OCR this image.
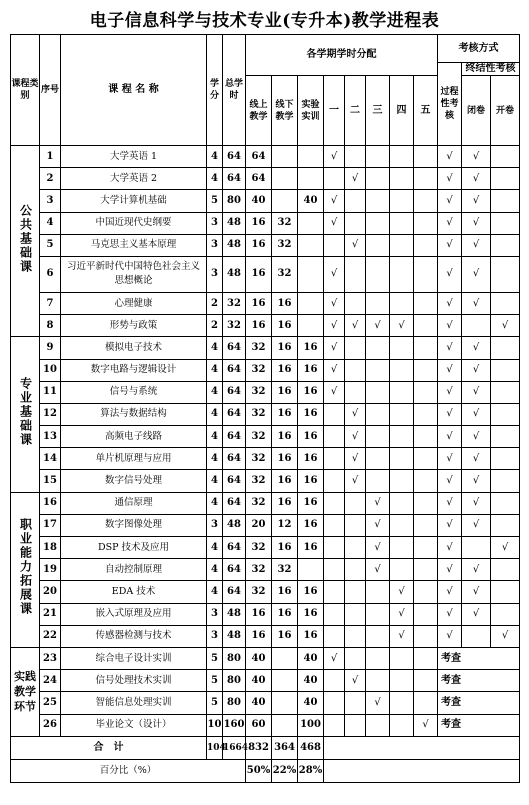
电子信息科学与技术专业(专升本)教学进程表
课程类别	序号	课 程 名 称	学分	总学时	各学期学时分配								考核方式		
													过程性考核	终结性考核	
					线上教学	线下教学	实验实训	一	二	三	四	五		闭卷	开卷
公共基础课	1	大学英语 1	4	64	64			√					√	√	
	2	大学英语 2	4	64	64				√				√	√	
	3	大学计算机基础	5	80	40		40	√					√	√	
	4	中国近现代史纲要	3	48	16	32		√					√	√	
	5	马克思主义基本原理	3	48	16	32			√				√	√	
	6	习近平新时代中国特色社会主义思想概论	3	48	16	32		√					√	√	
	7	心理健康	2	32	16	16		√					√	√	
	8	形势与政策	2	32	16	16		√	√	√	√		√		√
专业基础课	9	模拟电子技术	4	64	32	16	16	√					√	√	
	10	数字电路与逻辑设计	4	64	32	16	16	√					√	√	
	11	信号与系统	4	64	32	16	16	√					√	√	
	12	算法与数据结构	4	64	32	16	16		√				√	√	
	13	高频电子线路	4	64	32	16	16		√				√	√	
	14	单片机原理与应用	4	64	32	16	16		√				√	√	
	15	数字信号处理	4	64	32	16	16		√				√	√	
职业能力拓展课	16	通信原理	4	64	32	16	16			√			√	√	
	17	数字图像处理	3	48	20	12	16			√			√	√	
	18	DSP 技术及应用	4	64	32	16	16			√			√		√
	19	自动控制原理	4	64	32	32				√			√	√	
	20	EDA 技术	4	64	32	16	16				√		√	√	
	21	嵌入式原理及应用	3	48	16	16	16				√		√	√	
	22	传感器检测与技术	3	48	16	16	16				√		√		√
实践教学环节	23	综合电子设计实训	5	80	40		40	√					考查		
	24	信号处理技术实训	5	80	40		40		√				考查		
	25	智能信息处理实训	5	80	40		40			√			考查		
	26	毕业论文（设计）	10	160	60		100					√	考查		
合　计			104	1664	832	364	468								
百分比（%）					50%	22%	28%								
